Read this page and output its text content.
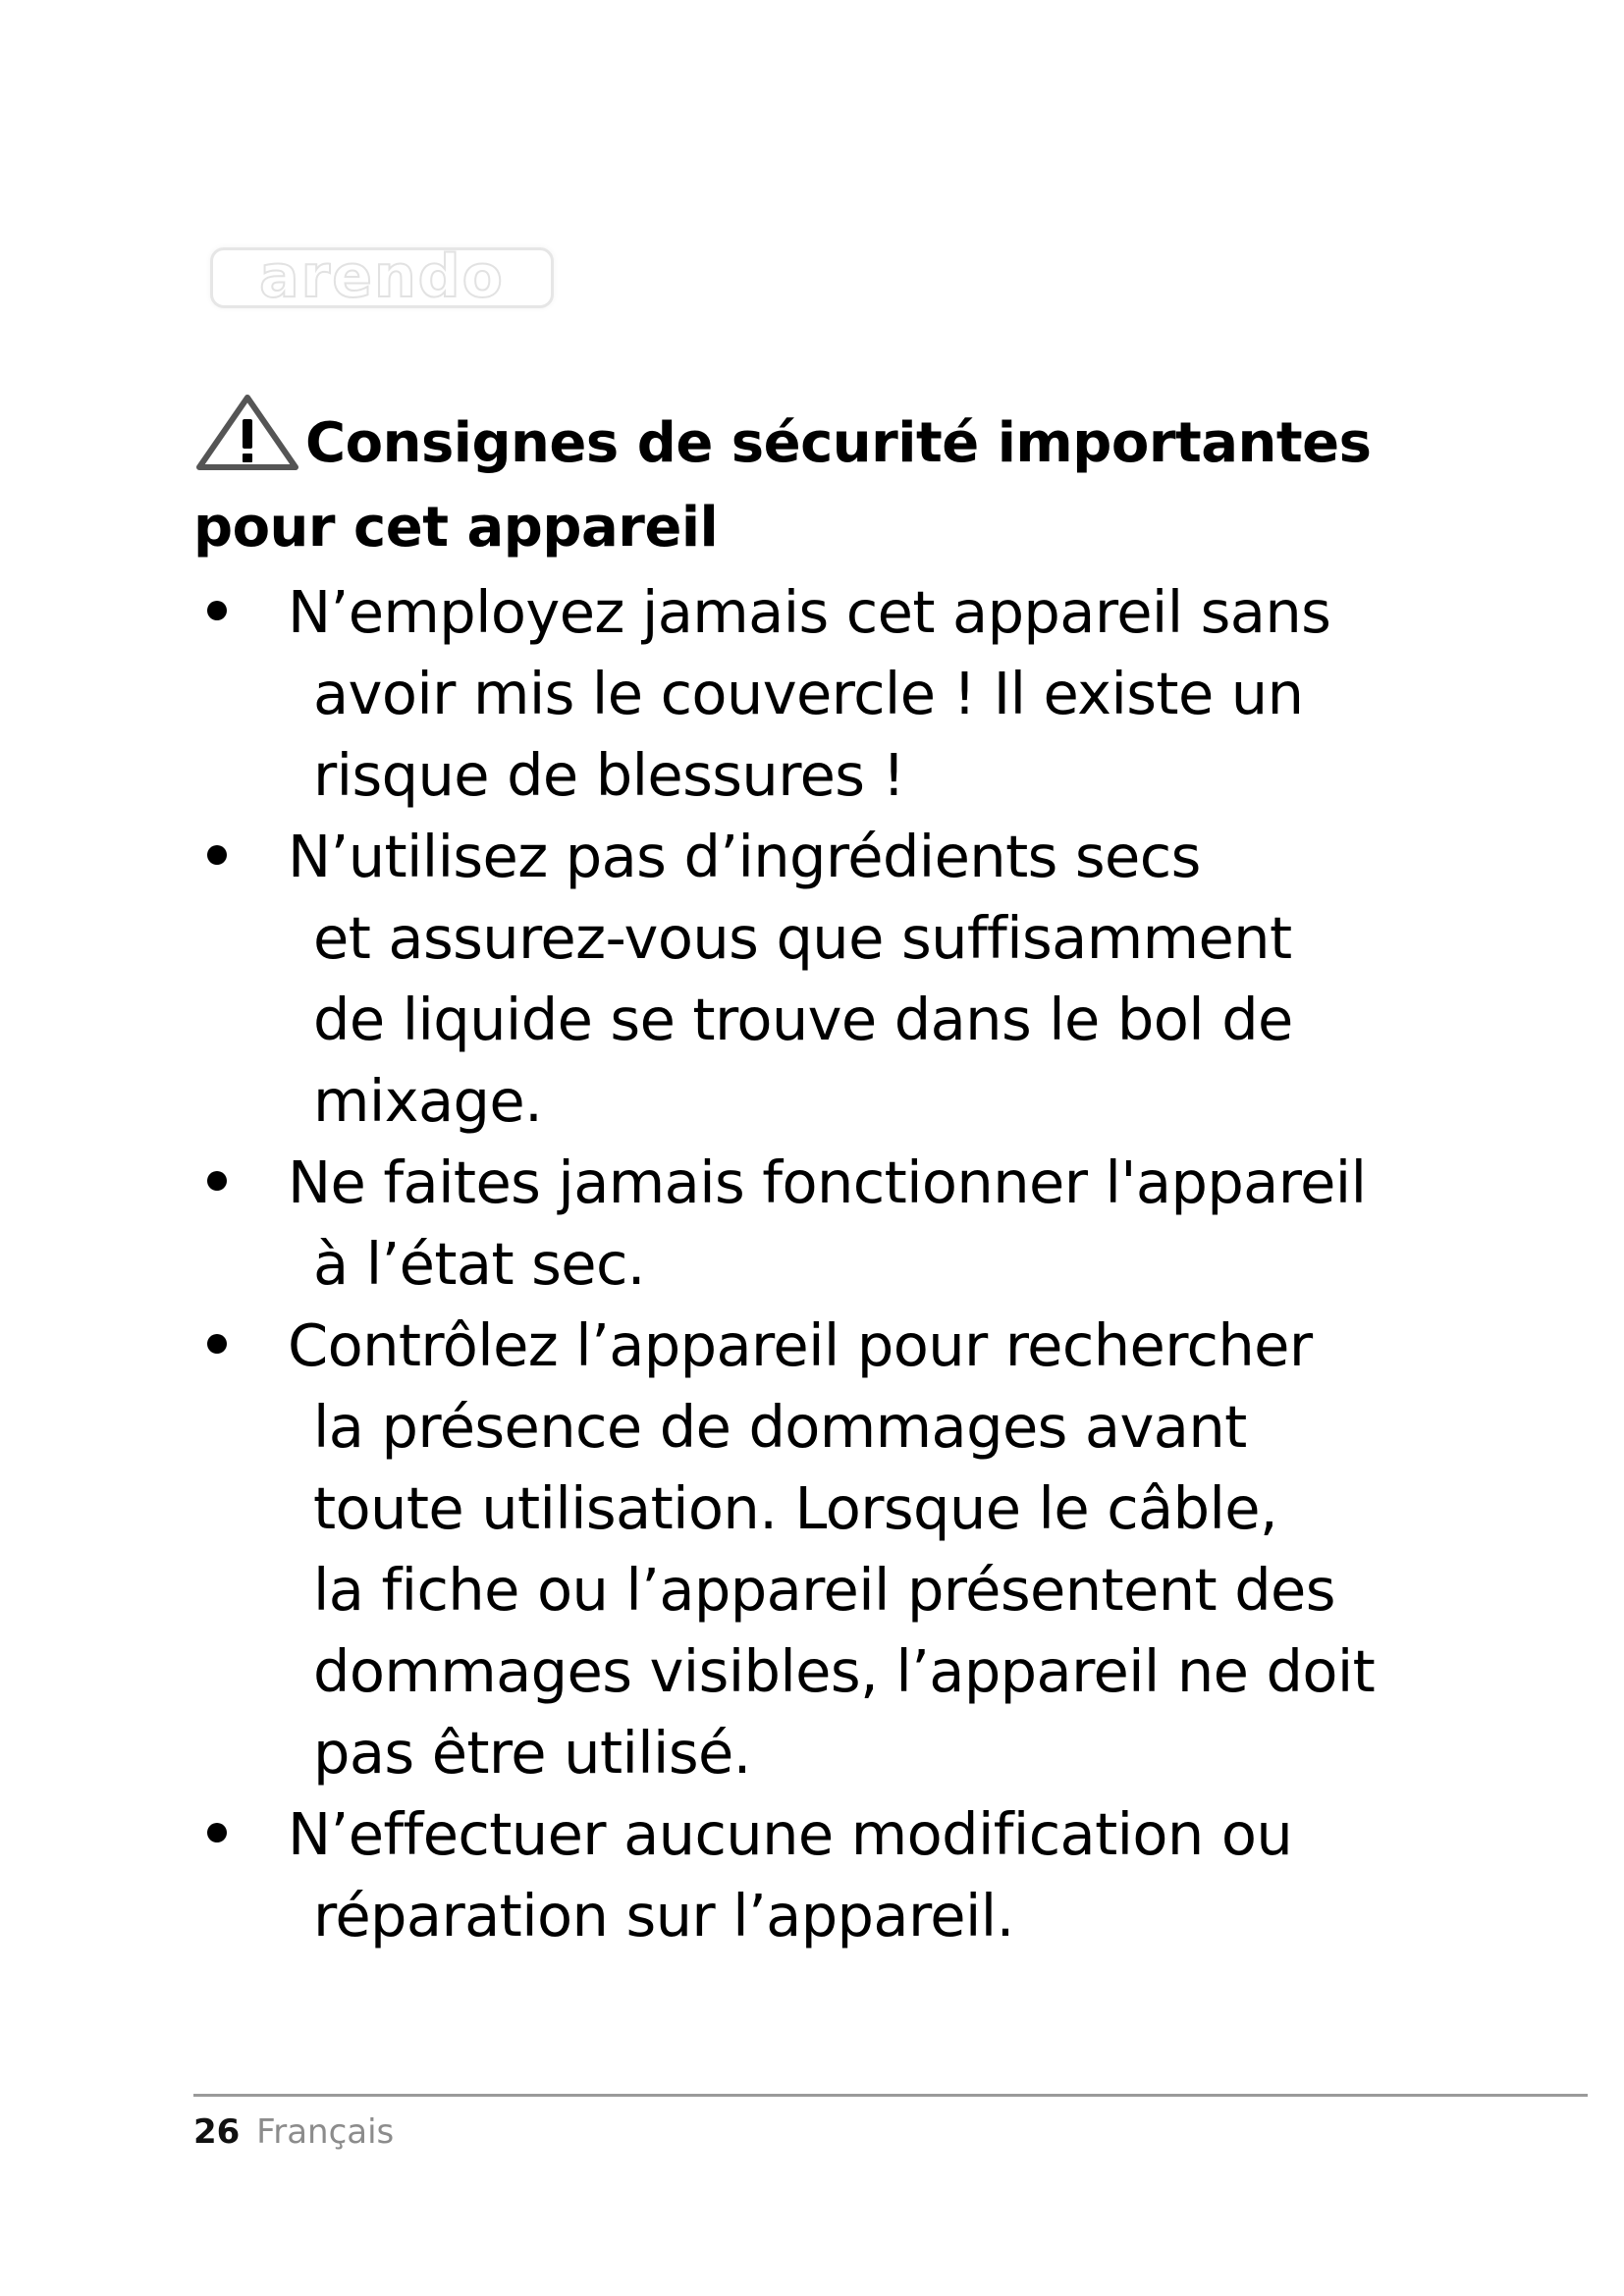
arendo
Consignes de sécurité importantes
pour cet appareil
N’employez jamais cet appareil sans
avoir mis le couvercle ! Il existe un
risque de blessures !
N’utilisez pas d’ingrédients secs
et assurez-vous que suffisamment
de liquide se trouve dans le bol de
mixage.
Ne faites jamais fonctionner l'appareil
à l’état sec.
Contrôlez l’appareil pour rechercher
la présence de dommages avant
toute utilisation. Lorsque le câble,
la fiche ou l’appareil présentent des
dommages visibles, l’appareil ne doit
pas être utilisé.
N’effectuer aucune modification ou
réparation sur l’appareil.
26 Français
